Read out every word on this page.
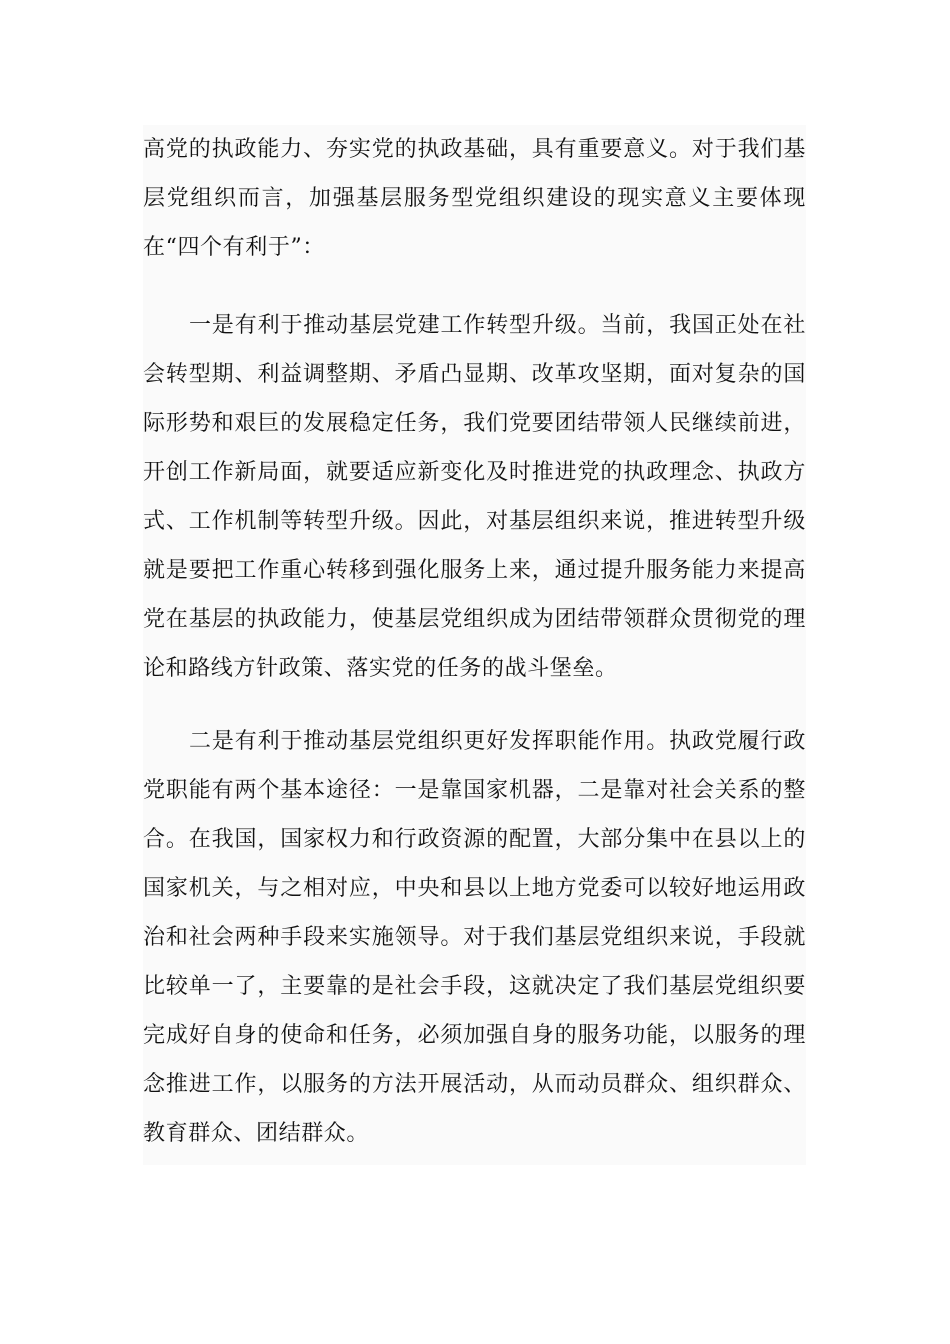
高党的执政能力、夯实党的执政基础，具有重要意义。对于我们基层党组织而言，加强基层服务型党组织建设的现实意义主要体现在“四个有利于”：

一是有利于推动基层党建工作转型升级。当前，我国正处在社会转型期、利益调整期、矛盾凸显期、改革攻坚期，面对复杂的国际形势和艰巨的发展稳定任务，我们党要团结带领人民继续前进，开创工作新局面，就要适应新变化及时推进党的执政理念、执政方式、工作机制等转型升级。因此，对基层组织来说，推进转型升级就是要把工作重心转移到强化服务上来，通过提升服务能力来提高党在基层的执政能力，使基层党组织成为团结带领群众贯彻党的理论和路线方针政策、落实党的任务的战斗堡垒。

二是有利于推动基层党组织更好发挥职能作用。执政党履行政党职能有两个基本途径：一是靠国家机器，二是靠对社会关系的整合。在我国，国家权力和行政资源的配置，大部分集中在县以上的国家机关，与之相对应，中央和县以上地方党委可以较好地运用政治和社会两种手段来实施领导。对于我们基层党组织来说，手段就比较单一了，主要靠的是社会手段，这就决定了我们基层党组织要完成好自身的使命和任务，必须加强自身的服务功能，以服务的理念推进工作，以服务的方法开展活动，从而动员群众、组织群众、教育群众、团结群众。
